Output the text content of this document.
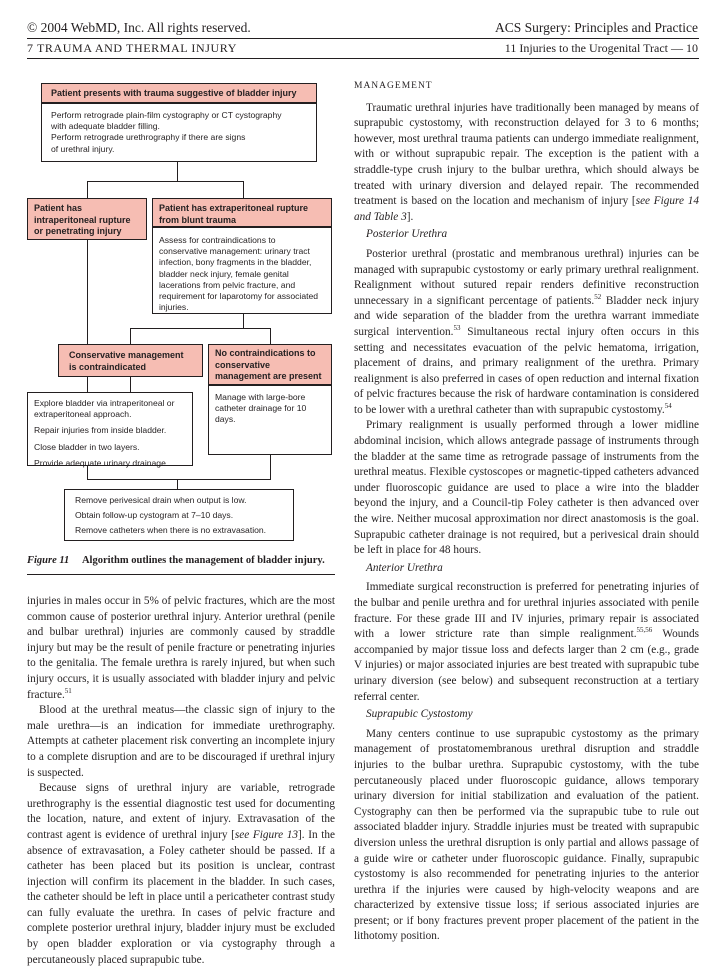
© 2004 WebMD, Inc. All rights reserved.	ACS Surgery: Principles and Practice
7 TRAUMA AND THERMAL INJURY	11 Injuries to the Urogenital Tract — 10

Patient presents with trauma suggestive of bladder injury

Perform retrograde plain-film cystography or CT cystography

with adequate bladder filling.

Perform retrograde urethrography if there are signs

of urethral injury.

Patient has intraperitoneal rupture or penetrating injury

Patient has extraperitoneal rupture from blunt trauma

Assess for contraindications to conservative management: urinary tract infection, bony fragments in the bladder, bladder neck injury, female genital lacerations from pelvic fracture, and requirement for laparotomy for associated injuries.

Conservative management is contraindicated

No contraindications to conservative management are present

Manage with large-bore catheter drainage for 10 days.

Explore bladder via intraperitoneal or extraperitoneal approach.

Repair injuries from inside bladder.

Close bladder in two layers.

Provide adequate urinary drainage.

Remove perivesical drain when output is low.

Obtain follow-up cystogram at 7–10 days.

Remove catheters when there is no extravasation.

Figure 11 Algorithm outlines the management of bladder injury.

injuries in males occur in 5% of pelvic fractures, which are the most common cause of posterior urethral injury. Anterior urethral (penile and bulbar urethral) injuries are commonly caused by straddle injury but may be the result of penile fracture or penetrating injuries to the genitalia. The female urethra is rarely injured, but when such injury occurs, it is usually associated with bladder injury and pelvic fracture.$^{51}$

Blood at the urethral meatus—the classic sign of injury to the male urethra—is an indication for immediate urethrography. Attempts at catheter placement risk converting an incomplete injury to a complete disruption and are to be discouraged if urethral injury is suspected.

Because signs of urethral injury are variable, retrograde urethrography is the essential diagnostic test used for documenting the location, nature, and extent of injury. Extravasation of the contrast agent is evidence of urethral injury [see Figure 13]. In the absence of extravasation, a Foley catheter should be passed. If a catheter has been placed but its position is unclear, contrast injection will confirm its placement in the bladder. In such cases, the catheter should be left in place until a pericatheter contrast study can fully evaluate the urethra. In cases of pelvic fracture and complete posterior urethral injury, bladder injury must be excluded by open bladder exploration or via cystography through a percutaneously placed suprapubic tube.

MANAGEMENT

Traumatic urethral injuries have traditionally been managed by means of suprapubic cystostomy, with reconstruction delayed for 3 to 6 months; however, most urethral trauma patients can undergo immediate realignment, with or without suprapubic repair. The exception is the patient with a straddle-type crush injury to the bulbar urethra, which should always be treated with urinary diversion and delayed repair. The recommended treatment is based on the location and mechanism of injury [see Figure 14 and Table 3].

Posterior Urethra

Posterior urethral (prostatic and membranous urethral) injuries can be managed with suprapubic cystostomy or early primary urethral realignment. Realignment without sutured repair renders definitive reconstruction unnecessary in a significant percentage of patients.$^{52}$ Bladder neck injury and wide separation of the bladder from the urethra warrant immediate surgical intervention.$^{53}$ Simultaneous rectal injury often occurs in this setting and necessitates evacuation of the pelvic hematoma, irrigation, placement of drains, and primary realignment of the urethra. Primary realignment is also preferred in cases of open reduction and internal fixation of pelvic fractures because the risk of hardware contamination is considered to be lower with a urethral catheter than with suprapubic cystostomy.$^{54}$

Primary realignment is usually performed through a lower midline abdominal incision, which allows antegrade passage of instruments through the bladder at the same time as retrograde passage of instruments from the urethral meatus. Flexible cystoscopes or magnetic-tipped catheters advanced under fluoroscopic guidance are used to place a wire into the bladder beyond the injury, and a Council-tip Foley catheter is then advanced over the wire. Neither mucosal approximation nor direct anastomosis is the goal. Suprapubic catheter drainage is not required, but a perivesical drain should be left in place for 48 hours.

Anterior Urethra

Immediate surgical reconstruction is preferred for penetrating injuries of the bulbar and penile urethra and for urethral injuries associated with penile fracture. For these grade III and IV injuries, primary repair is associated with a lower stricture rate than simple realignment.$^{55,56}$ Wounds accompanied by major tissue loss and defects larger than 2 cm (e.g., grade V injuries) or major associated injuries are best treated with suprapubic tube urinary diversion (see below) and subsequent reconstruction at a tertiary referral center.

Suprapubic Cystostomy

Many centers continue to use suprapubic cystostomy as the primary management of prostatomembranous urethral disruption and straddle injuries to the bulbar urethra. Suprapubic cystostomy, with the tube percutaneously placed under fluoroscopic guidance, allows temporary urinary diversion for initial stabilization and evaluation of the patient. Cystography can then be performed via the suprapubic tube to rule out associated bladder injury. Straddle injuries must be treated with suprapubic diversion unless the urethral disruption is only partial and allows passage of a guide wire or catheter under fluoroscopic guidance. Finally, suprapubic cystostomy is also recommended for penetrating injuries to the anterior urethra if the injuries were caused by high-velocity weapons and are characterized by extensive tissue loss; if serious associated injuries are present; or if bony fractures prevent proper placement of the patient in the lithotomy position.
